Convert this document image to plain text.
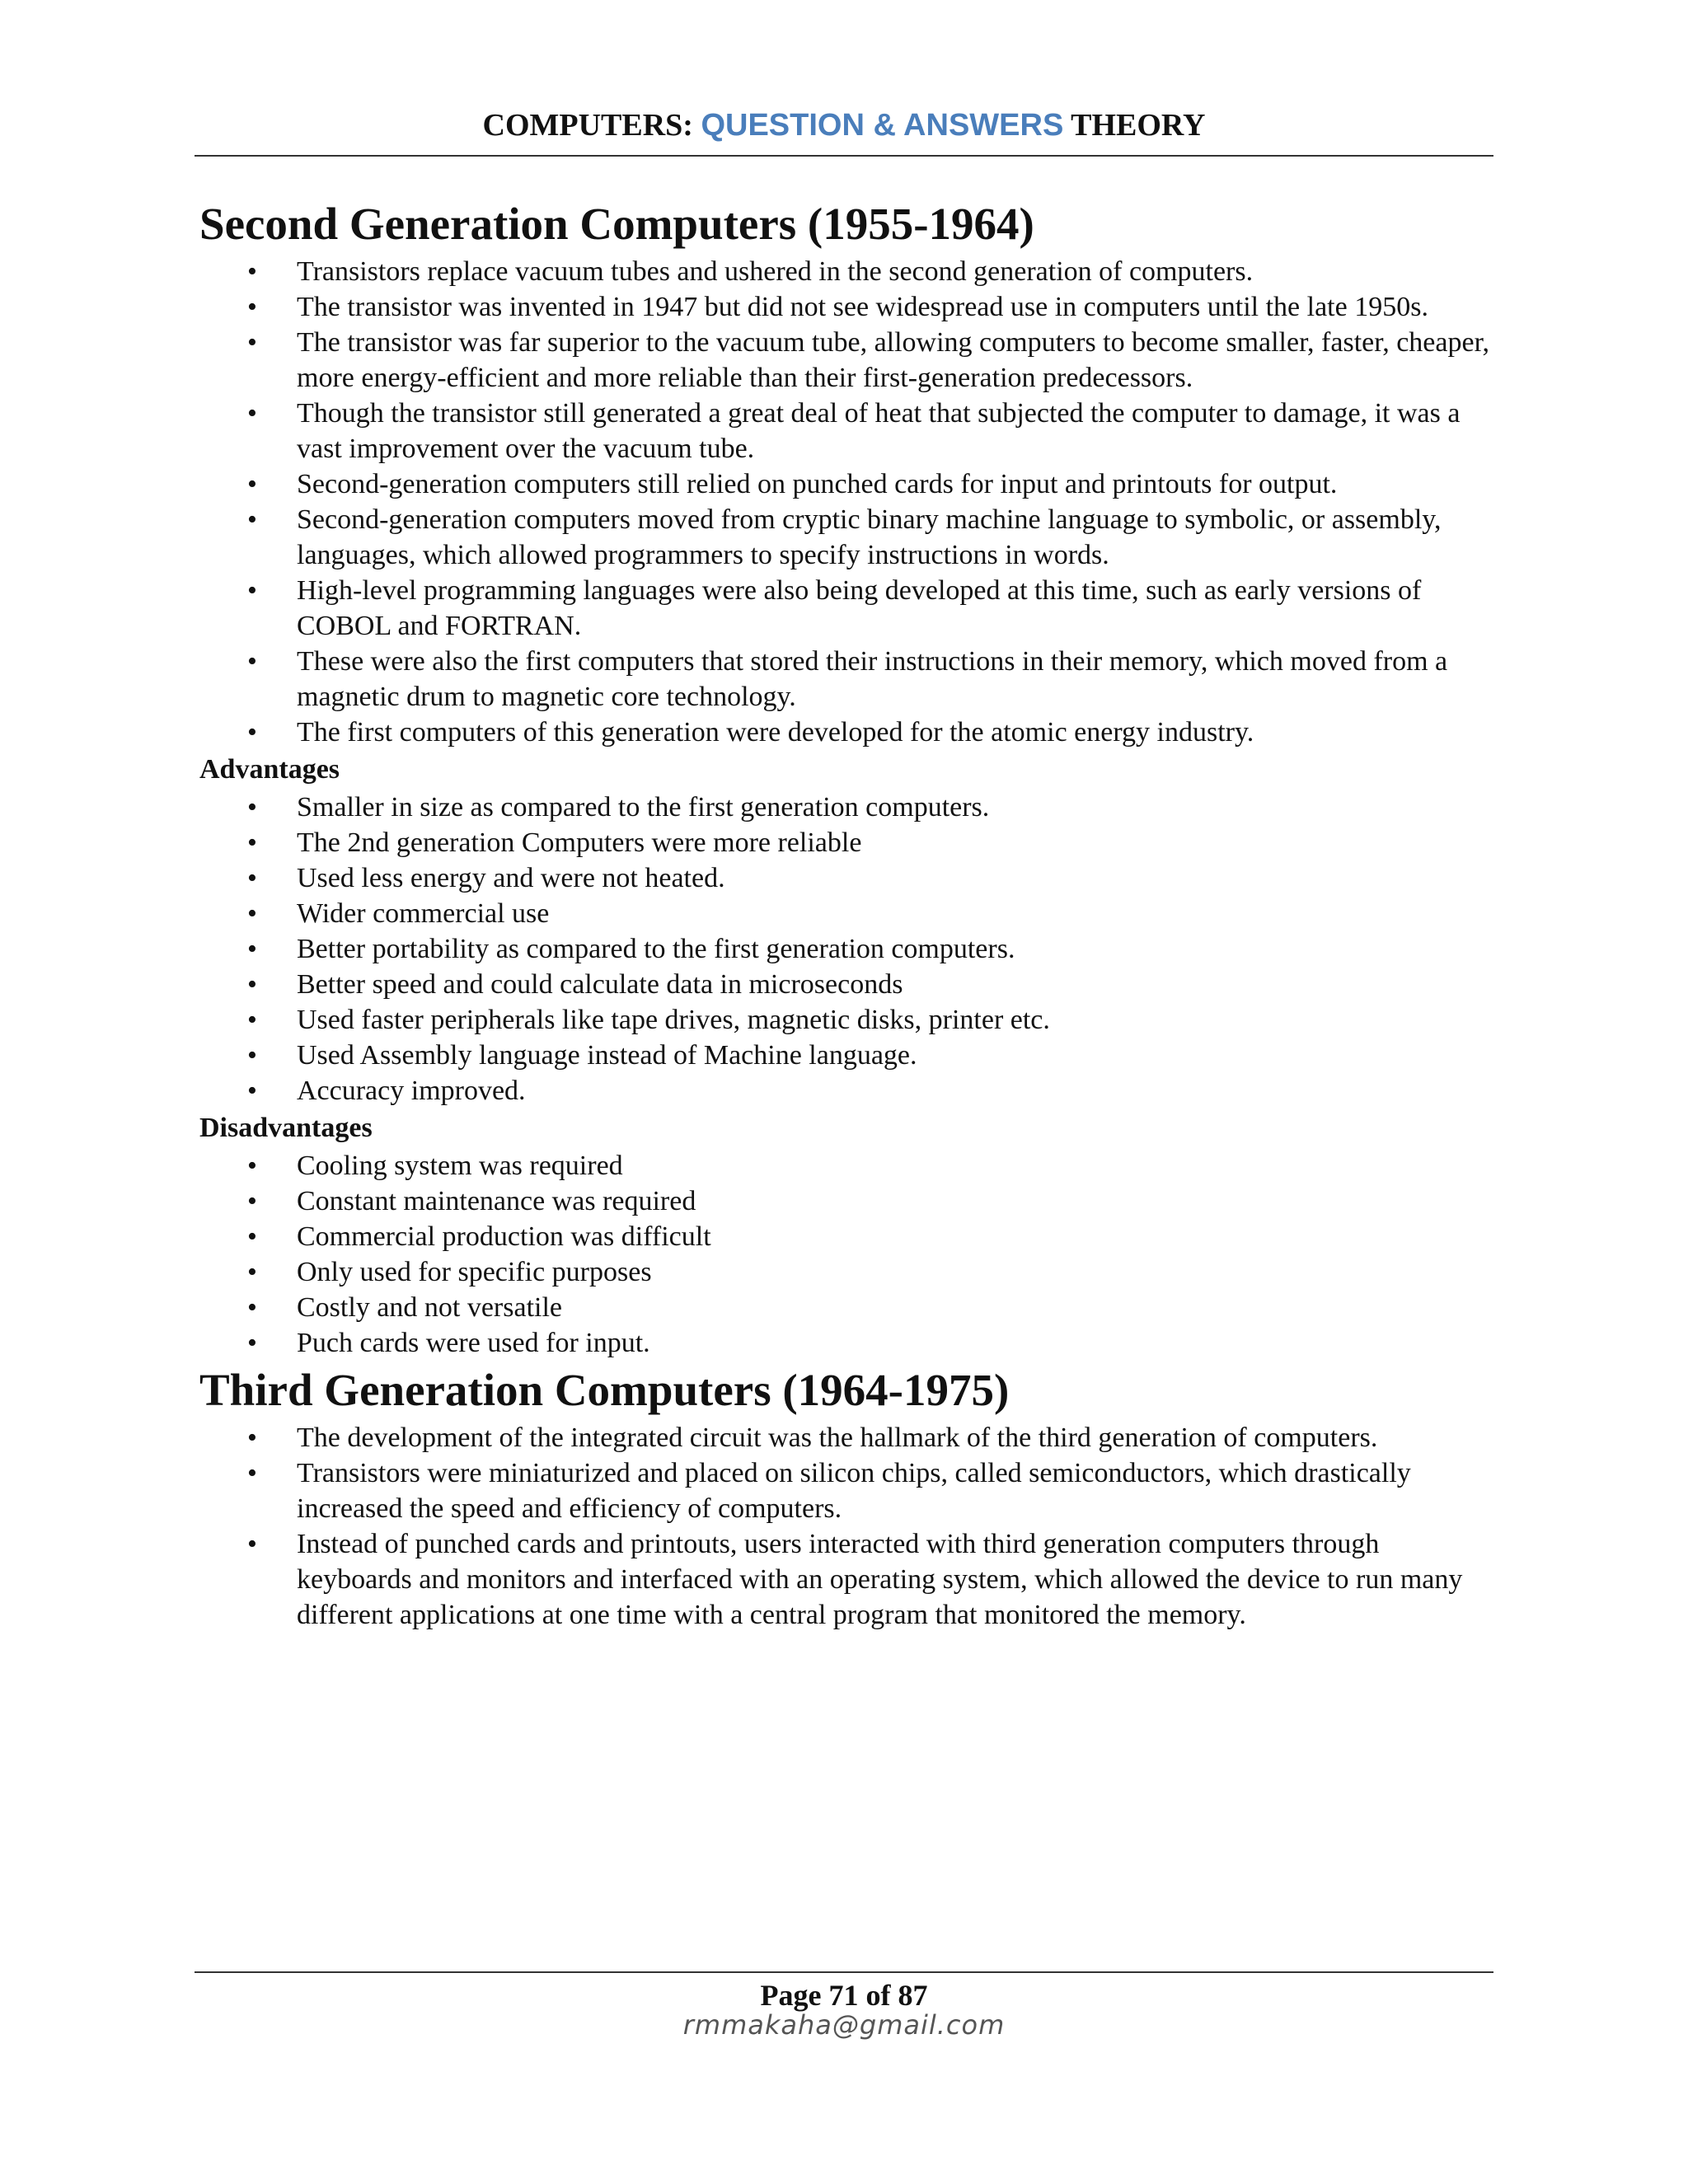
COMPUTERS: QUESTION & ANSWERS THEORY
Second Generation Computers (1955-1964)
• Transistors replace vacuum tubes and ushered in the second generation of computers.
• The transistor was invented in 1947 but did not see widespread use in computers until the late 1950s.
• The transistor was far superior to the vacuum tube, allowing computers to become smaller, faster, cheaper, more energy-efficient and more reliable than their first-generation predecessors.
• Though the transistor still generated a great deal of heat that subjected the computer to damage, it was a vast improvement over the vacuum tube.
• Second-generation computers still relied on punched cards for input and printouts for output.
• Second-generation computers moved from cryptic binary machine language to symbolic, or assembly, languages, which allowed programmers to specify instructions in words.
• High-level programming languages were also being developed at this time, such as early versions of COBOL and FORTRAN.
• These were also the first computers that stored their instructions in their memory, which moved from a magnetic drum to magnetic core technology.
• The first computers of this generation were developed for the atomic energy industry.
Advantages
• Smaller in size as compared to the first generation computers.
• The 2nd generation Computers were more reliable
• Used less energy and were not heated.
• Wider commercial use
• Better portability as compared to the first generation computers.
• Better speed and could calculate data in microseconds
• Used faster peripherals like tape drives, magnetic disks, printer etc.
• Used Assembly language instead of Machine language.
• Accuracy improved.
Disadvantages
• Cooling system was required
• Constant maintenance was required
• Commercial production was difficult
• Only used for specific purposes
• Costly and not versatile
• Puch cards were used for input.
Third Generation Computers (1964-1975)
• The development of the integrated circuit was the hallmark of the third generation of computers.
• Transistors were miniaturized and placed on silicon chips, called semiconductors, which drastically increased the speed and efficiency of computers.
• Instead of punched cards and printouts, users interacted with third generation computers through keyboards and monitors and interfaced with an operating system, which allowed the device to run many different applications at one time with a central program that monitored the memory.
Page 71 of 87
rmmakaha@gmail.com
